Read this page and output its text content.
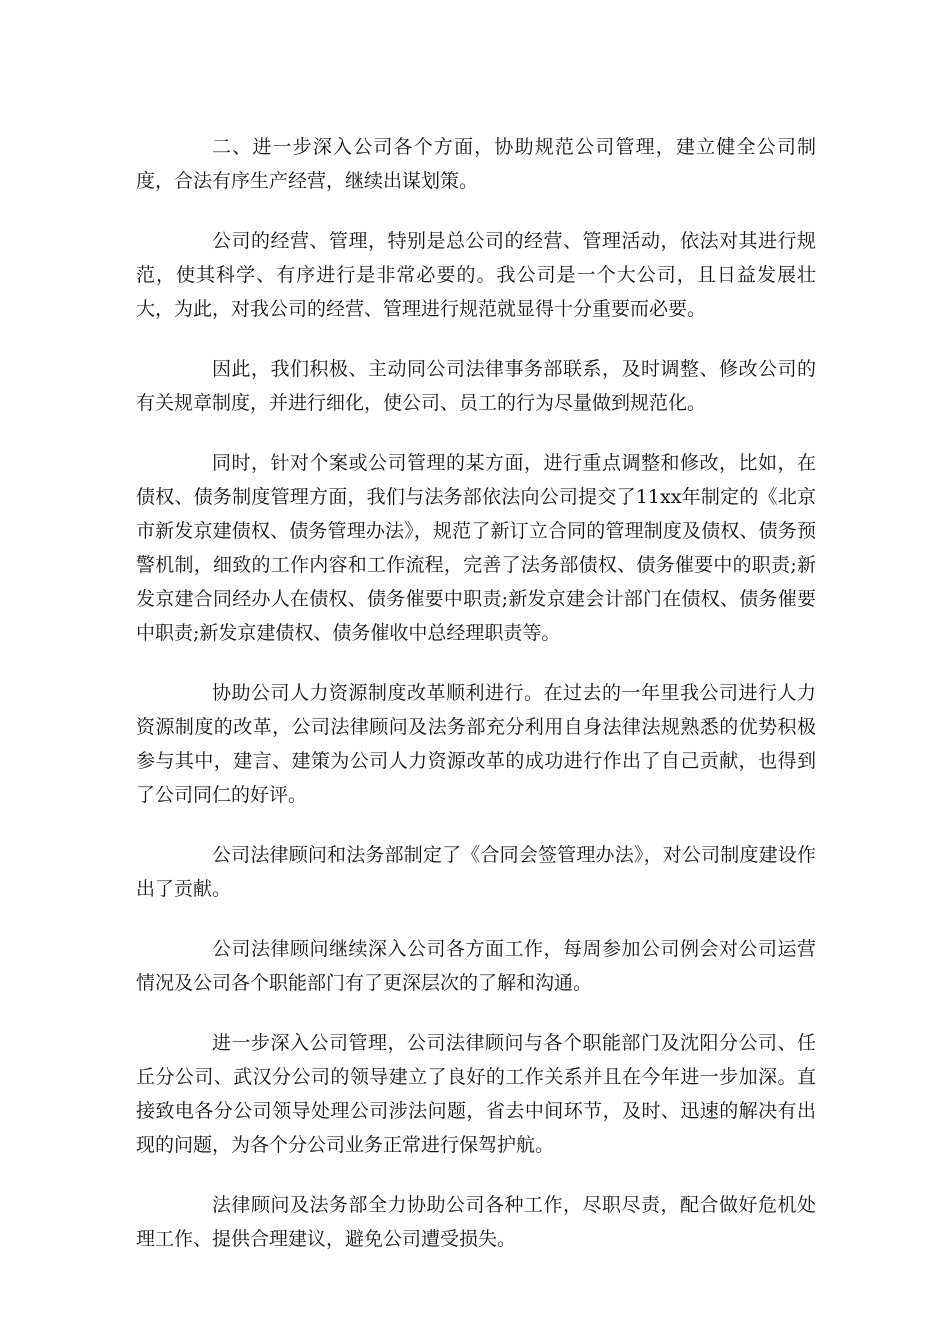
二、进一步深入公司各个方面，协助规范公司管理，建立健全公司制度，合法有序生产经营，继续出谋划策。

公司的经营、管理，特别是总公司的经营、管理活动，依法对其进行规范，使其科学、有序进行是非常必要的。我公司是一个大公司，且日益发展壮大，为此，对我公司的经营、管理进行规范就显得十分重要而必要。

因此，我们积极、主动同公司法律事务部联系，及时调整、修改公司的有关规章制度，并进行细化，使公司、员工的行为尽量做到规范化。

同时，针对个案或公司管理的某方面，进行重点调整和修改，比如，在债权、债务制度管理方面，我们与法务部依法向公司提交了11xx年制定的《北京市新发京建债权、债务管理办法》，规范了新订立合同的管理制度及债权、债务预警机制，细致的工作内容和工作流程，完善了法务部债权、债务催要中的职责;新发京建合同经办人在债权、债务催要中职责;新发京建会计部门在债权、债务催要中职责;新发京建债权、债务催收中总经理职责等。

协助公司人力资源制度改革顺利进行。在过去的一年里我公司进行人力资源制度的改革，公司法律顾问及法务部充分利用自身法律法规熟悉的优势积极参与其中，建言、建策为公司人力资源改革的成功进行作出了自己贡献，也得到了公司同仁的好评。

公司法律顾问和法务部制定了《合同会签管理办法》，对公司制度建设作出了贡献。

公司法律顾问继续深入公司各方面工作，每周参加公司例会对公司运营情况及公司各个职能部门有了更深层次的了解和沟通。

进一步深入公司管理，公司法律顾问与各个职能部门及沈阳分公司、任丘分公司、武汉分公司的领导建立了良好的工作关系并且在今年进一步加深。直接致电各分公司领导处理公司涉法问题，省去中间环节，及时、迅速的解决有出现的问题，为各个分公司业务正常进行保驾护航。

法律顾问及法务部全力协助公司各种工作，尽职尽责，配合做好危机处理工作、提供合理建议，避免公司遭受损失。
